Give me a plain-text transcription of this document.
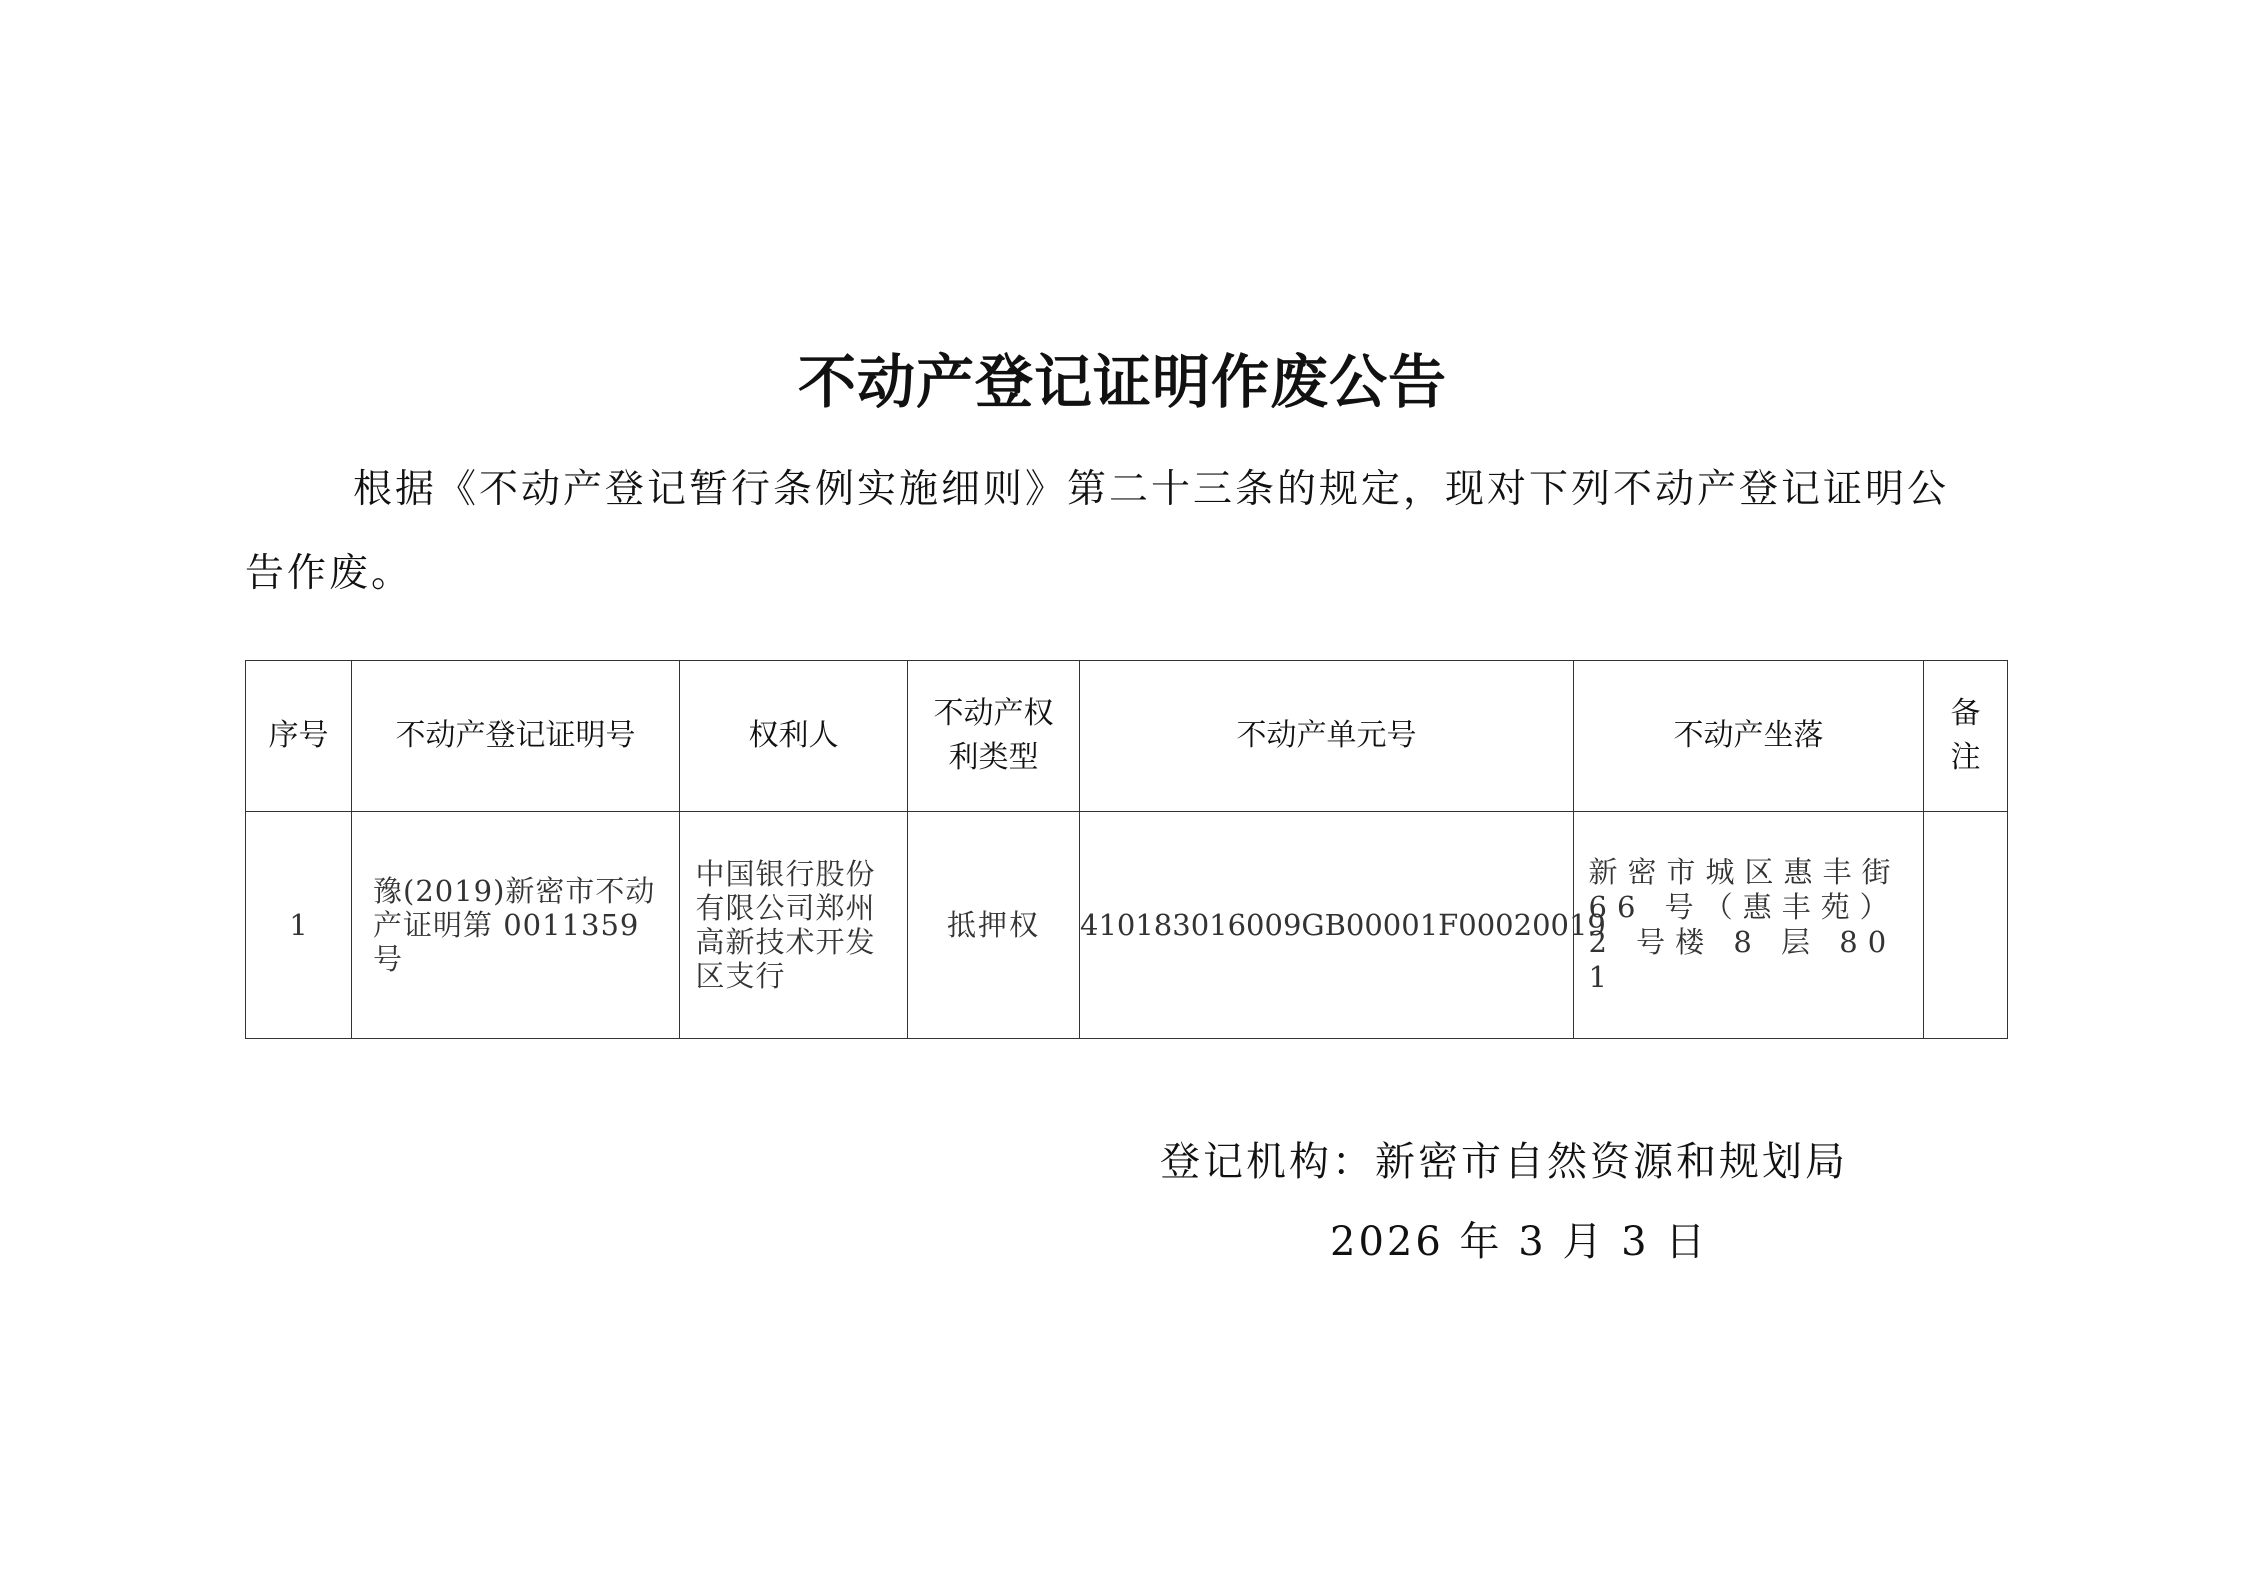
不动产登记证明作废公告
根据《不动产登记暂行条例实施细则》第二十三条的规定，现对下列不动产登记证明公告作废。
序号	不动产登记证明号	权利人	不动产权利类型	不动产单元号	不动产坐落	备注
1	豫(2019)新密市不动产证明第 0011359 号	中国银行股份有限公司郑州高新技术开发区支行	抵押权	410183016009GB00001F00020019	新密市城区惠丰街 66 号（惠丰苑）2 号楼 8 层 801	
登记机构：新密市自然资源和规划局
2026 年 3 月 3 日
